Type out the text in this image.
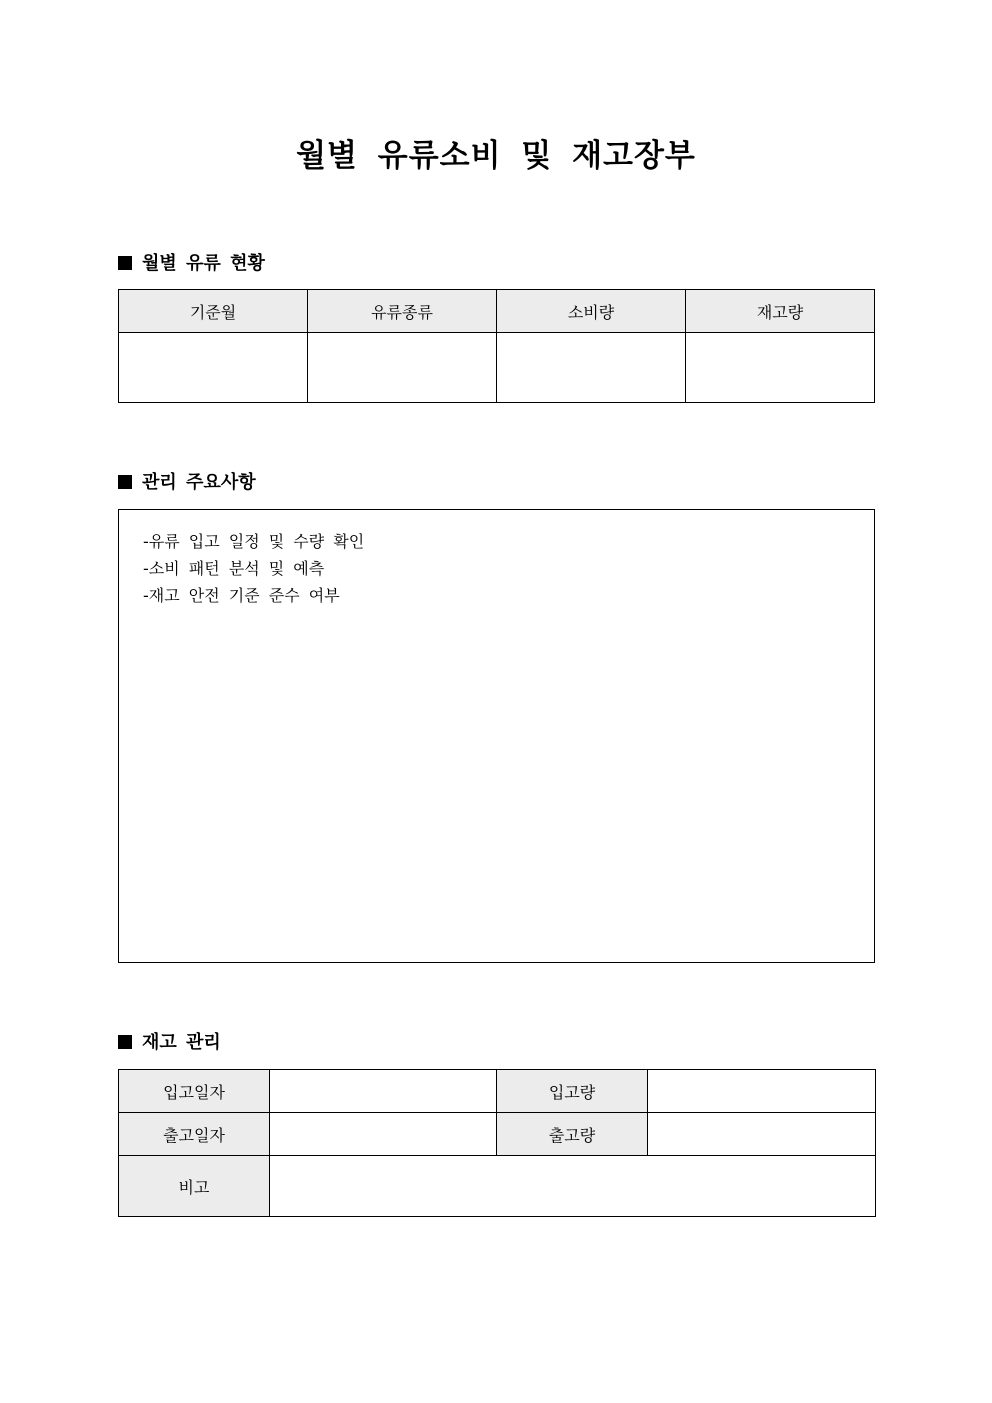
월별 유류소비 및 재고장부
월별 유류 현황
기준월	유류종류	소비량	재고량

관리 주요사항
-유류 입고 일정 및 수량 확인
-소비 패턴 분석 및 예측
-재고 안전 기준 준수 여부
재고 관리
입고일자		입고량	
출고일자		출고량	
비고			
